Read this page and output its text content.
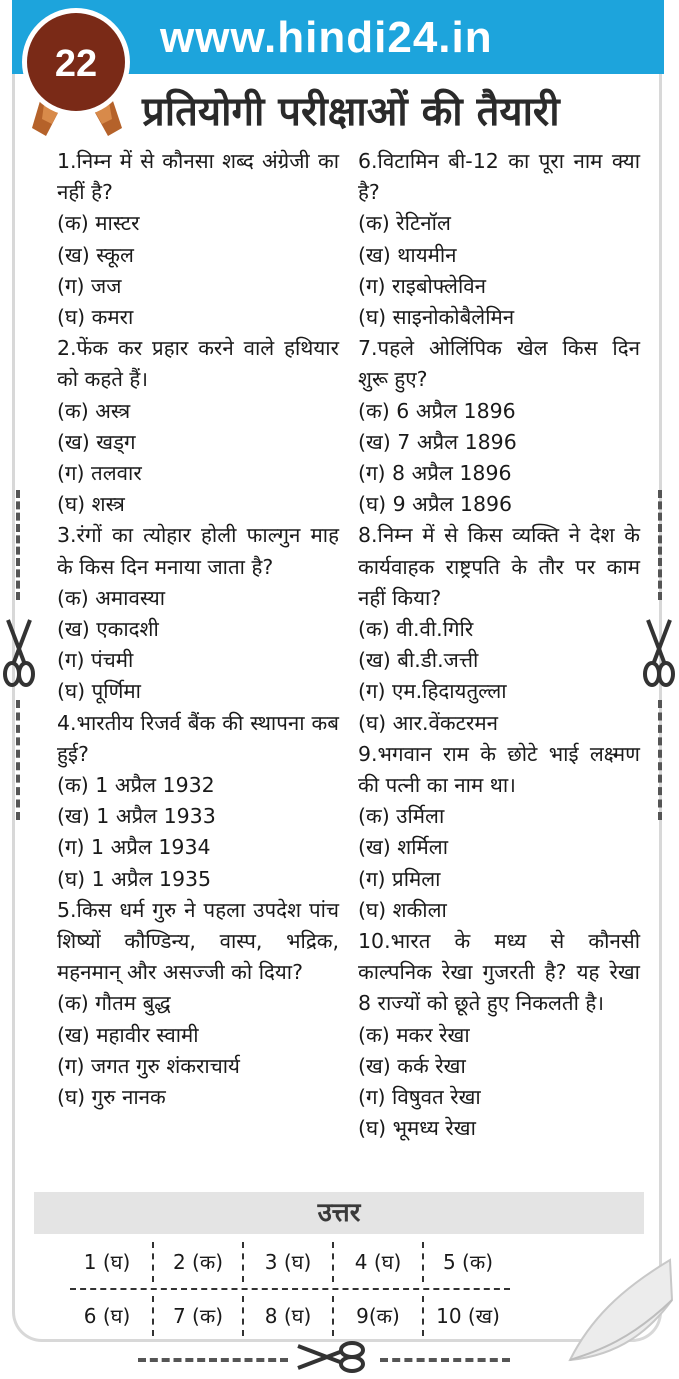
www.hindi24.in
22
प्रतियोगी परीक्षाओं की तैयारी

1.निम्न में से कौनसा शब्द अंग्रेजी का नहीं है?

(क) मास्टर

(ख) स्कूल

(ग) जज

(घ) कमरा

2.फेंक कर प्रहार करने वाले हथियार को कहते हैं।

(क) अस्त्र

(ख) खड्ग

(ग) तलवार

(घ) शस्त्र

3.रंगों का त्योहार होली फाल्गुन माह के किस दिन मनाया जाता है?

(क) अमावस्या

(ख) एकादशी

(ग) पंचमी

(घ) पूर्णिमा

4.भारतीय रिजर्व बैंक की स्थापना कब हुई?

(क) 1 अप्रैल 1932

(ख) 1 अप्रैल 1933

(ग) 1 अप्रैल 1934

(घ) 1 अप्रैल 1935

5.किस धर्म गुरु ने पहला उपदेश पांच शिष्यों कौण्डिन्य, वास्प, भद्रिक, महनमान् और असज्जी को दिया?

(क) गौतम बुद्ध

(ख) महावीर स्वामी

(ग) जगत गुरु शंकराचार्य

(घ) गुरु नानक

6.विटामिन बी-12 का पूरा नाम क्या है?

(क) रेटिनॉल

(ख) थायमीन

(ग) राइबोफ्लेविन

(घ) साइनोकोबैलेमिन

7.पहले ओलिंपिक खेल किस दिन शुरू हुए?

(क) 6 अप्रैल 1896

(ख) 7 अप्रैल 1896

(ग) 8 अप्रैल 1896

(घ) 9 अप्रैल 1896

8.निम्न में से किस व्यक्ति ने देश के कार्यवाहक राष्ट्रपति के तौर पर काम नहीं किया?

(क) वी.वी.गिरि

(ख) बी.डी.जत्ती

(ग) एम.हिदायतुल्ला

(घ) आर.वेंकटरमन

9.भगवान राम के छोटे भाई लक्ष्मण की पत्नी का नाम था।

(क) उर्मिला

(ख) शर्मिला

(ग) प्रमिला

(घ) शकीला

10.भारत के मध्य से कौनसी काल्पनिक रेखा गुजरती है? यह रेखा 8 राज्यों को छूते हुए निकलती है।

(क) मकर रेखा

(ख) कर्क रेखा

(ग) विषुवत रेखा

(घ) भूमध्य रेखा

उत्तर
1 (घ)	2 (क)	3 (घ)	4 (घ)	5 (क)
6 (घ)	7 (क)	8 (घ)	9(क)	10 (ख)
